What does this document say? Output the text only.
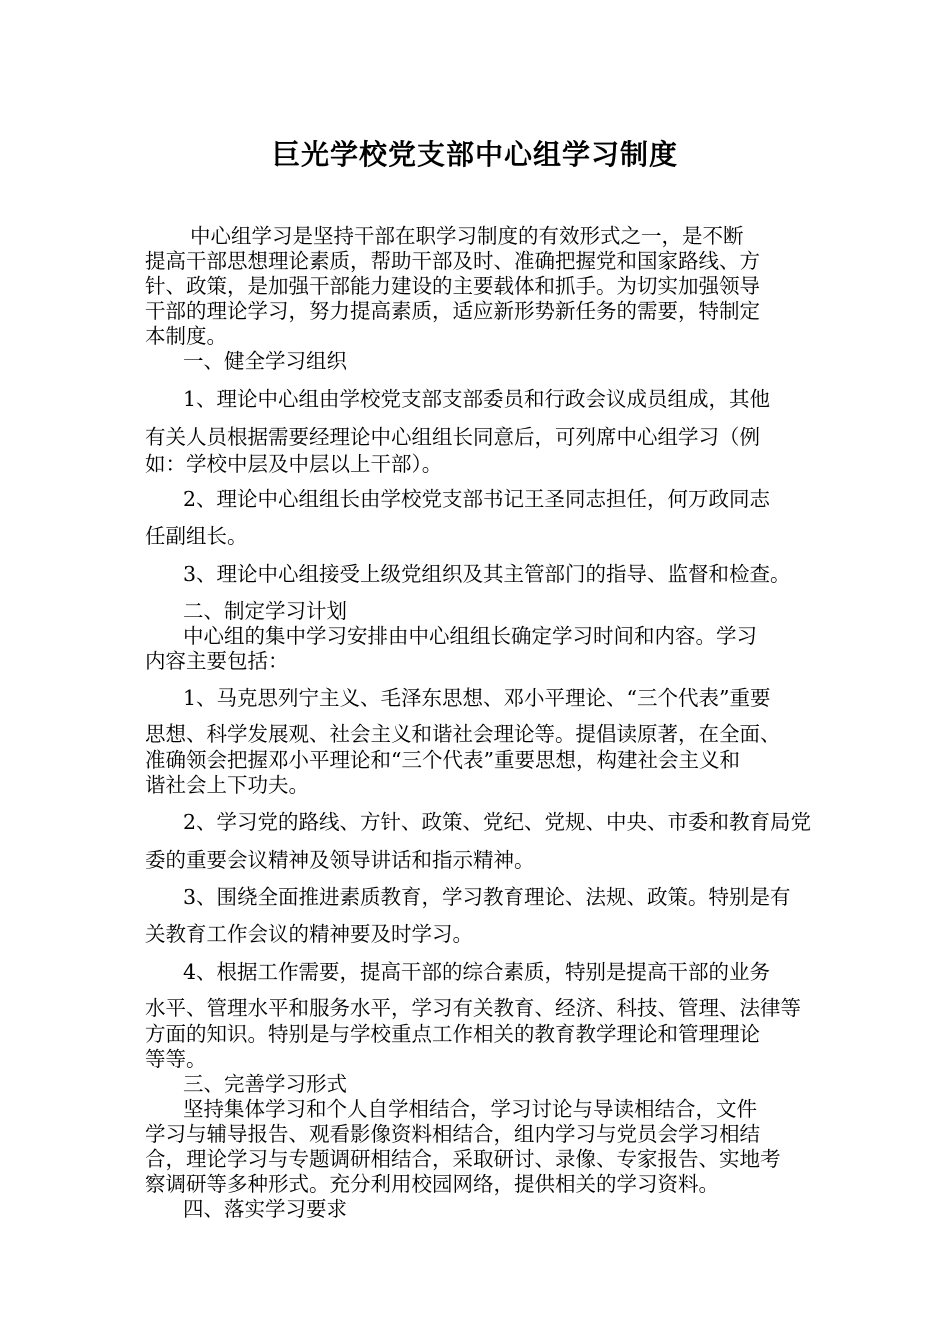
巨光学校党支部中心组学习制度
中心组学习是坚持干部在职学习制度的有效形式之一，是不断
提高干部思想理论素质，帮助干部及时、准确把握党和国家路线、方
针、政策，是加强干部能力建设的主要载体和抓手。为切实加强领导
干部的理论学习，努力提高素质，适应新形势新任务的需要，特制定
本制度。
一、健全学习组织
1、理论中心组由学校党支部支部委员和行政会议成员组成，其他
有关人员根据需要经理论中心组组长同意后，可列席中心组学习（例
如：学校中层及中层以上干部）。
2、理论中心组组长由学校党支部书记王圣同志担任，何万政同志
任副组长。
3、理论中心组接受上级党组织及其主管部门的指导、监督和检查。
二、制定学习计划
中心组的集中学习安排由中心组组长确定学习时间和内容。学习
内容主要包括：
1、马克思列宁主义、毛泽东思想、邓小平理论、“三个代表”重要
思想、科学发展观、社会主义和谐社会理论等。提倡读原著，在全面、
准确领会把握邓小平理论和“三个代表”重要思想，构建社会主义和
谐社会上下功夫。
2、学习党的路线、方针、政策、党纪、党规、中央、市委和教育局党
委的重要会议精神及领导讲话和指示精神。
3、围绕全面推进素质教育，学习教育理论、法规、政策。特别是有
关教育工作会议的精神要及时学习。
4、根据工作需要，提高干部的综合素质，特别是提高干部的业务
水平、管理水平和服务水平，学习有关教育、经济、科技、管理、法律等
方面的知识。特别是与学校重点工作相关的教育教学理论和管理理论
等等。
三、完善学习形式
坚持集体学习和个人自学相结合，学习讨论与导读相结合，文件
学习与辅导报告、观看影像资料相结合，组内学习与党员会学习相结
合，理论学习与专题调研相结合，采取研讨、录像、专家报告、实地考
察调研等多种形式。充分利用校园网络，提供相关的学习资料。
四、落实学习要求
